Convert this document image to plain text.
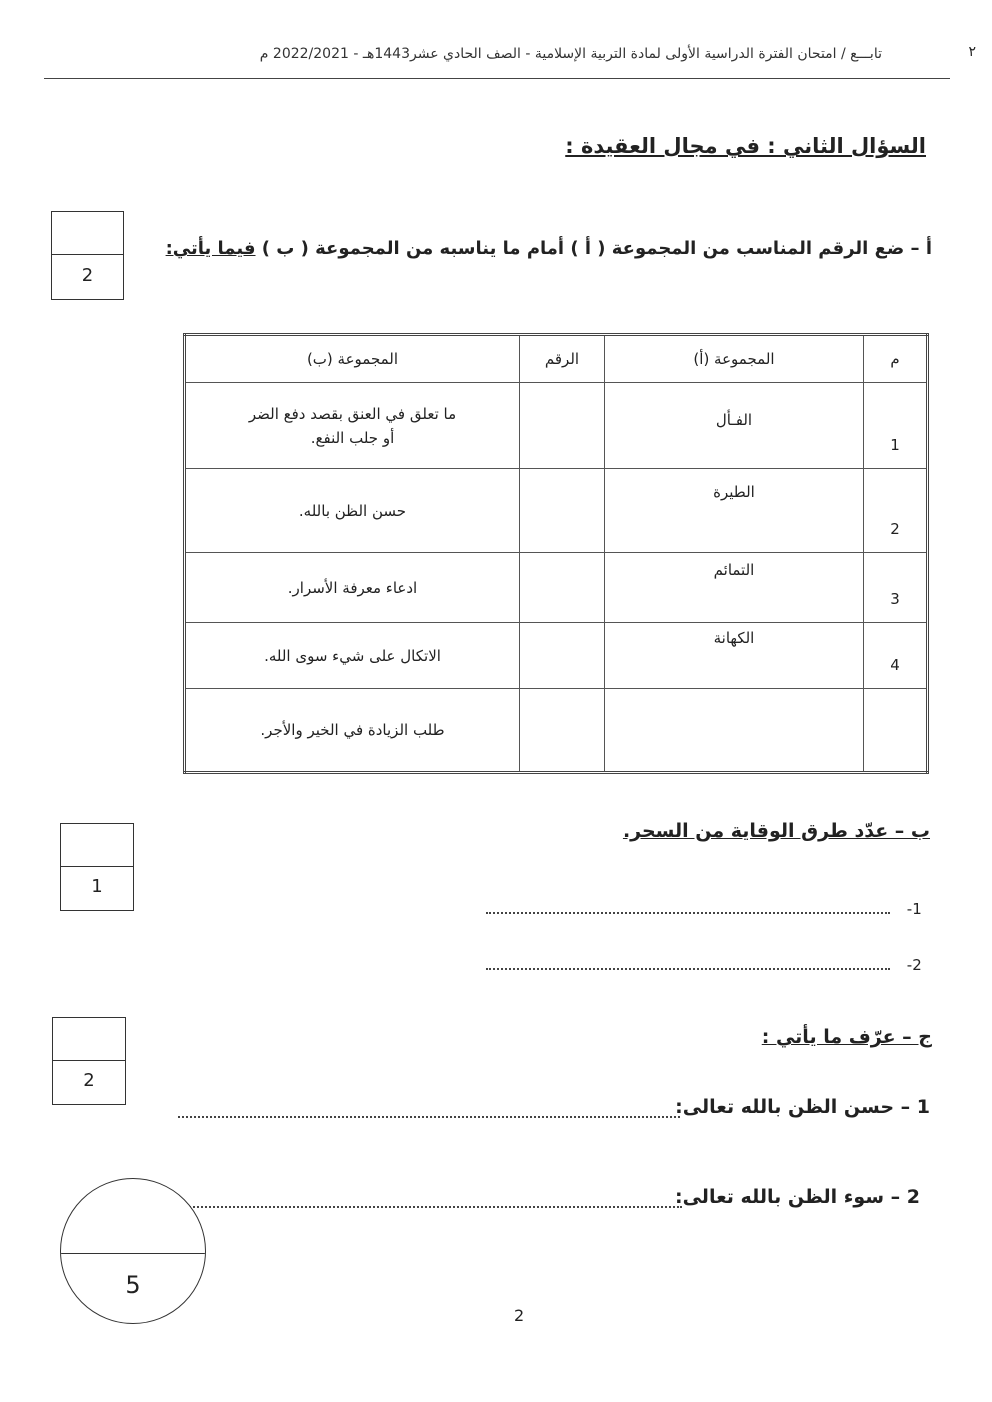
٢
تابـــع / امتحان الفترة الدراسية الأولى لمادة التربية الإسلامية - الصف الحادي عشر1443هـ - 2022/2021 م
السؤال الثاني : في مجال العقيدة :
2
أ – ضع الرقم المناسب من المجموعة ( أ ) أمام ما يناسبه من المجموعة ( ب ) فيما يأتي:
م	المجموعة (أ)	الرقم	المجموعة (ب)
1	الفـأل		ما تعلق في العنق بقصد دفع الضر
أو جلب النفع.

2	الطيرة		حسن الظن بالله.
3	التمائم		ادعاء معرفة الأسرار.
4	الكهانة		الاتكال على شيء سوى الله.
			طلب الزيادة في الخير والأجر.
1
ب – عدّد طرق الوقاية من السحر.
-1
-2
2
ج – عرّف ما يأتي :
1 – حسن الظن بالله تعالى:
2 – سوء الظن بالله تعالى:
5
2
